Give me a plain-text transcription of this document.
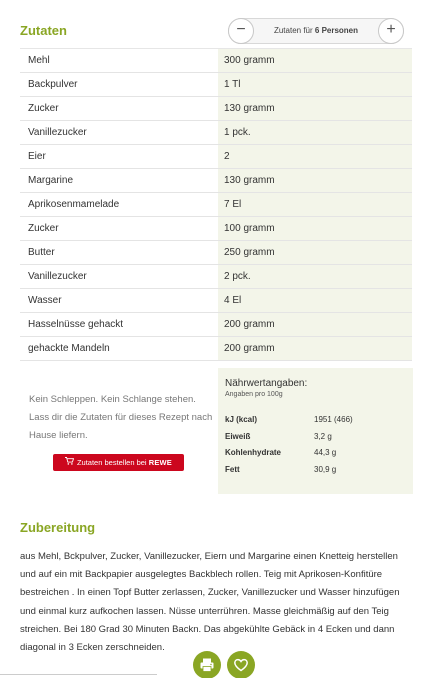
Zutaten	−	Zutaten für 6 Personen	+
Mehl	300 gramm
Backpulver	1 Tl
Zucker	130 gramm
Vanillezucker	1 pck.
Eier	2
Margarine	130 gramm
Aprikosenmamelade	7 El
Zucker	100 gramm
Butter	250 gramm
Vanillezucker	2 pck.
Wasser	4 El
Hasselnüsse gehackt	200 gramm
gehackte Mandeln	200 gramm

Kein Schleppen. Kein Schlange stehen. Lass dir die Zutaten für dieses Rezept nach Hause liefern.

Zutaten bestellen bei REWE
Nährwertangaben:
Angaben pro 100g
kJ (kcal)	1951 (466)
Eiweiß	3,2 g
Kohlenhydrate	44,3 g
Fett	30,9 g
Zubereitung

aus Mehl, Bckpulver, Zucker, Vanillezucker, Eiern und Margarine einen Knetteig herstellen und auf ein mit Backpapier ausgelegtes Backblech rollen. Teig mit Aprikosen-Konfitüre bestreichen . In einen Topf Butter zerlassen, Zucker, Vanillezucker und Wasser hinzufügen und einmal kurz aufkochen lassen. Nüsse unterrühren. Masse gleichmäßig auf den Teig streichen. Bei 180 Grad 30 Minuten Backn. Das abgekühlte Gebäck in 4 Ecken und dann diagonal in 3 Ecken zerschneiden.
